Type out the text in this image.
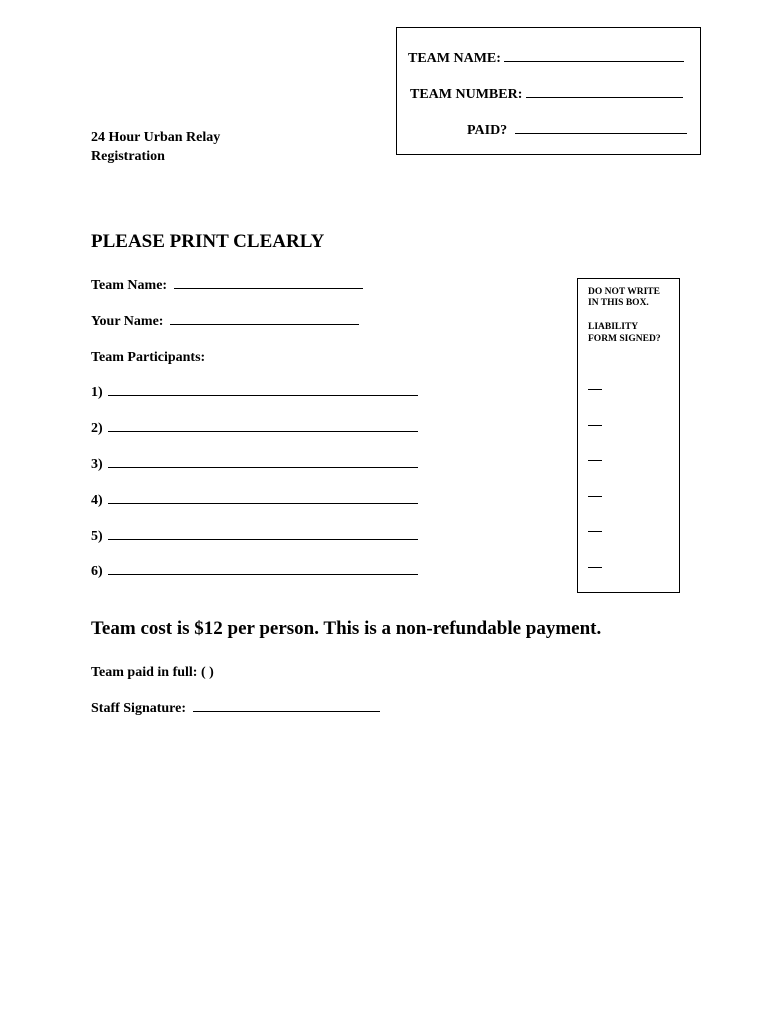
TEAM NAME:
TEAM NUMBER:
PAID?
24 Hour Urban Relay
Registration
PLEASE PRINT CLEARLY
Team Name:
Your Name:
Team Participants:
1)
2)
3)
4)
5)
6)
DO NOT WRITE
IN THIS BOX.
LIABILITY
FORM SIGNED?
Team cost is $12 per person. This is a non-refundable payment.
Team paid in full: ( )
Staff Signature:
